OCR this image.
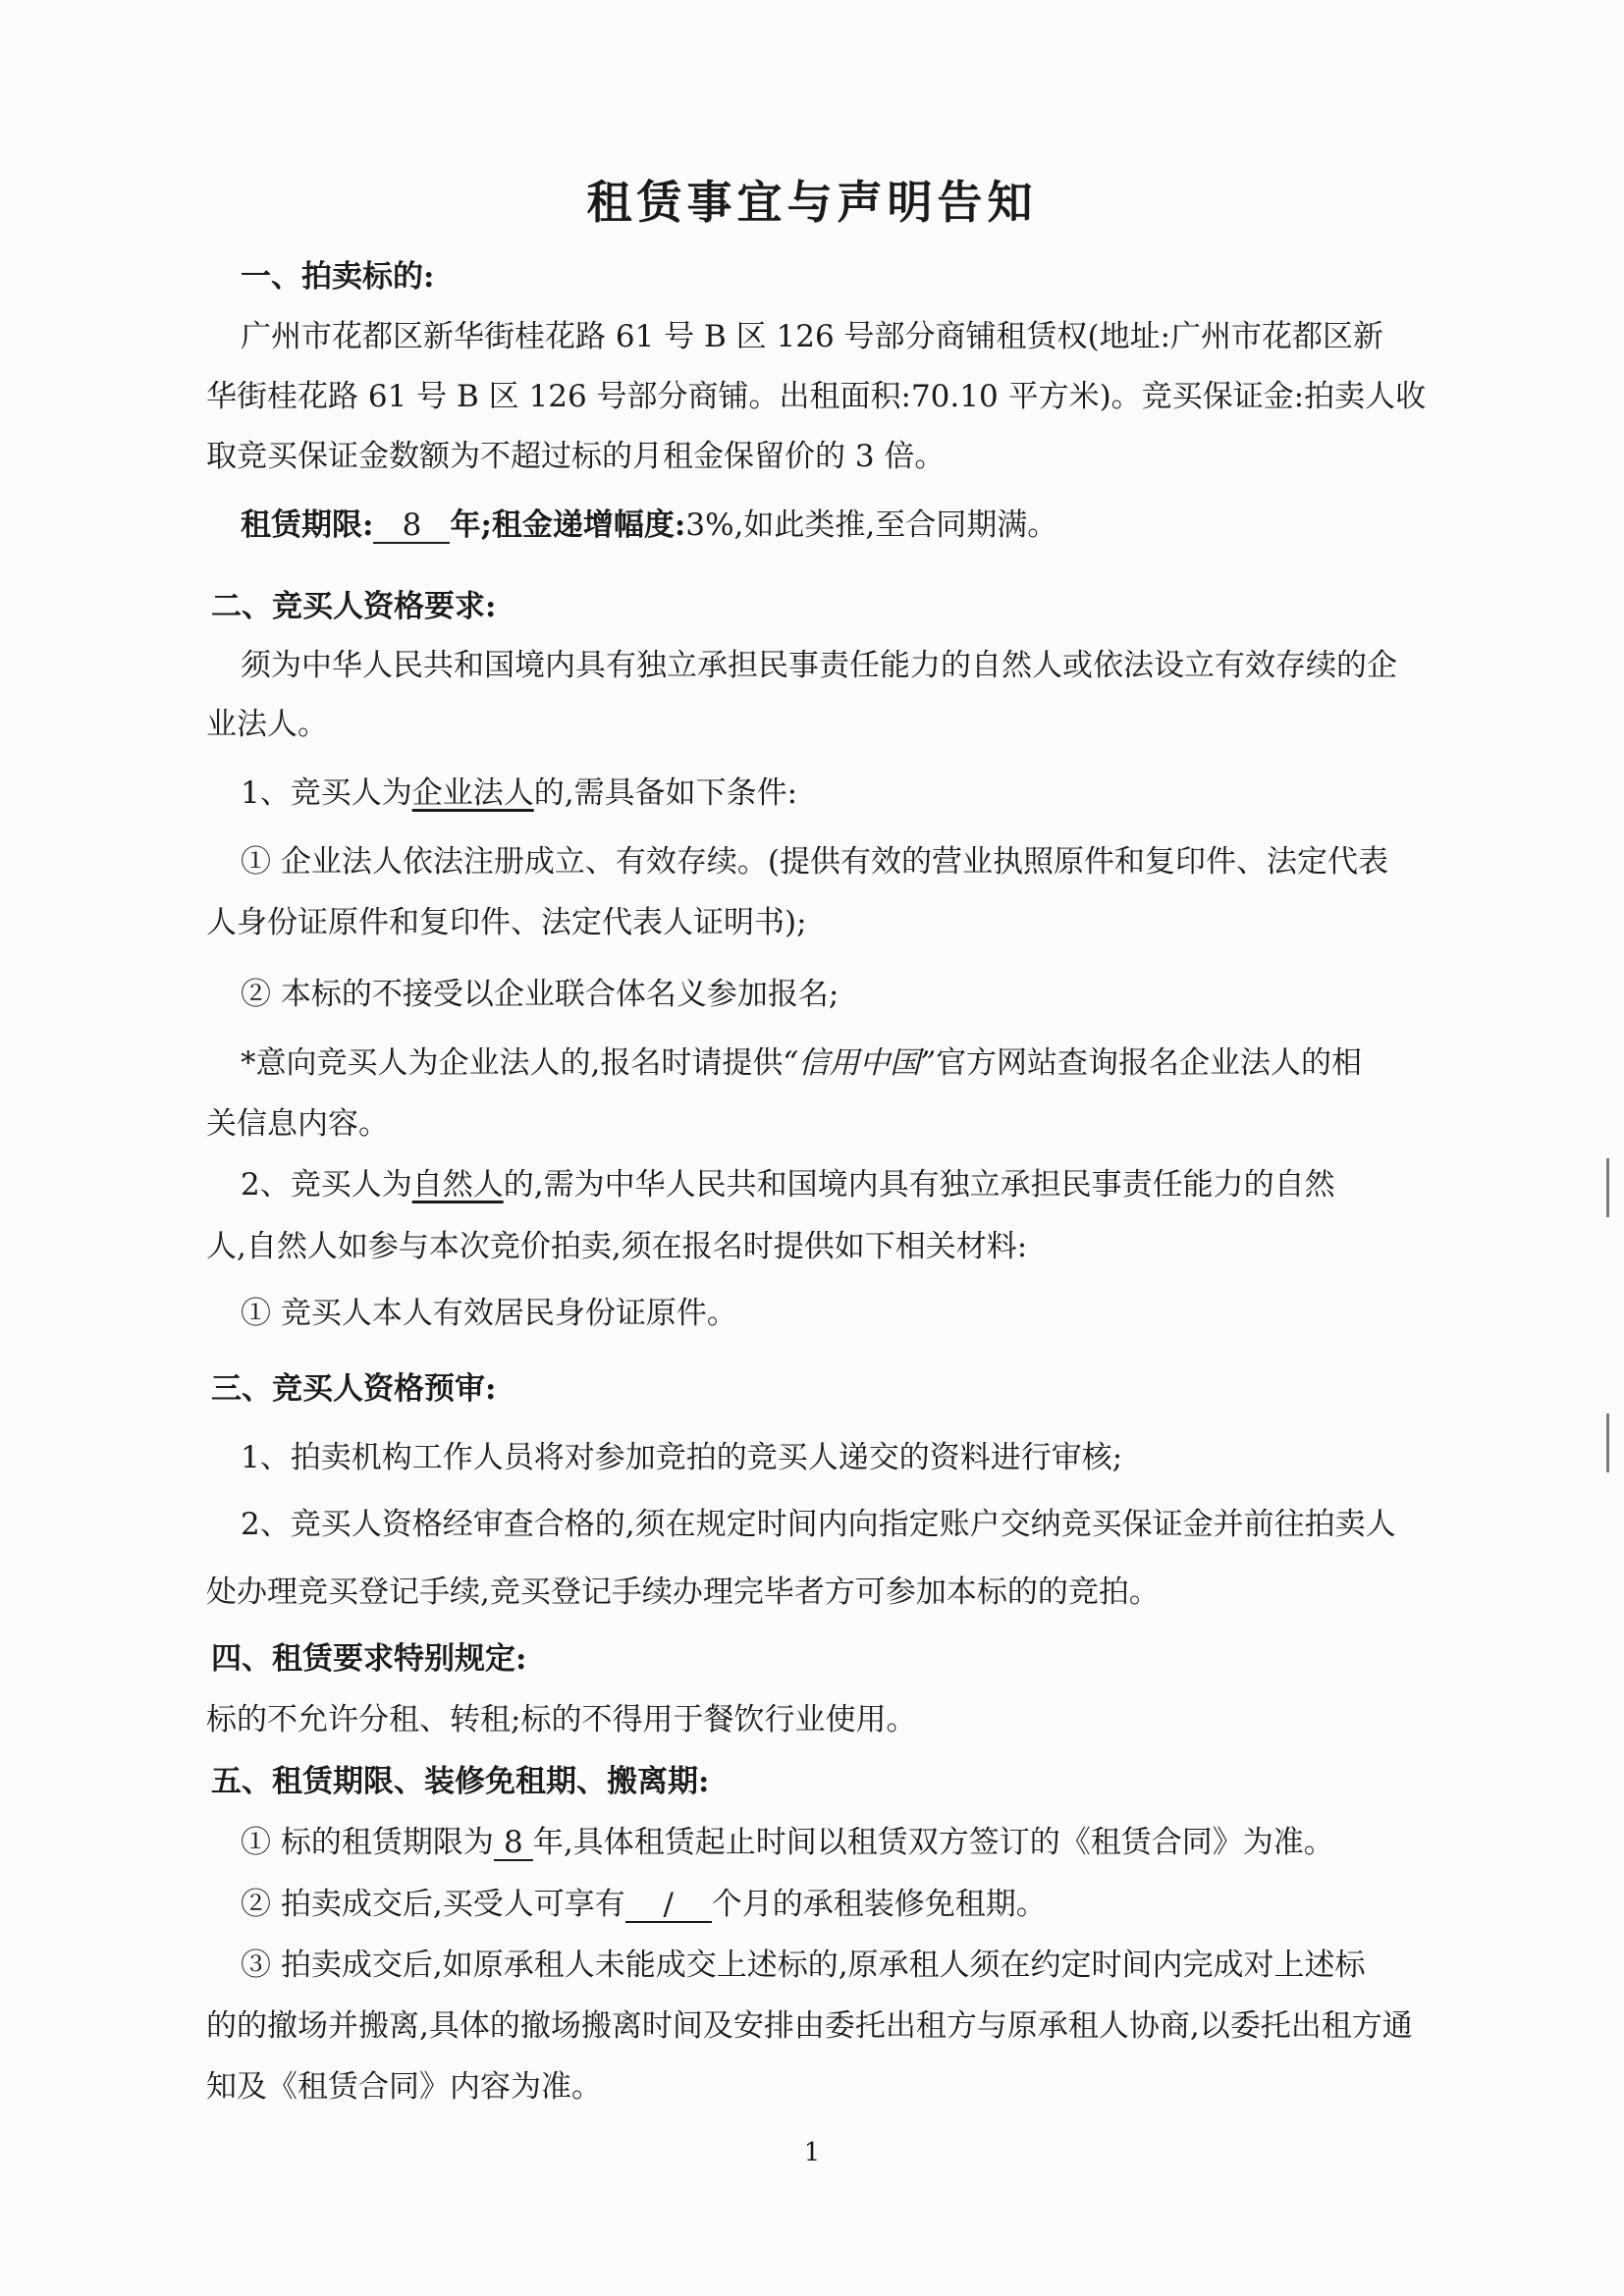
租赁事宜与声明告知
一、拍卖标的:
广州市花都区新华街桂花路 61 号 B 区 126 号部分商铺租赁权(地址:广州市花都区新
华街桂花路 61 号 B 区 126 号部分商铺。出租面积:70.10 平方米)。竞买保证金:拍卖人收
取竞买保证金数额为不超过标的月租金保留价的 3 倍。
租赁期限: 8 年;租金递增幅度:3%,如此类推,至合同期满。
二、竞买人资格要求:
须为中华人民共和国境内具有独立承担民事责任能力的自然人或依法设立有效存续的企
业法人。
1、竞买人为企业法人的,需具备如下条件:
① 企业法人依法注册成立、有效存续。(提供有效的营业执照原件和复印件、法定代表
人身份证原件和复印件、法定代表人证明书);
② 本标的不接受以企业联合体名义参加报名;
*意向竞买人为企业法人的,报名时请提供“信用中国”官方网站查询报名企业法人的相
关信息内容。
2、竞买人为自然人的,需为中华人民共和国境内具有独立承担民事责任能力的自然
人,自然人如参与本次竞价拍卖,须在报名时提供如下相关材料:
① 竞买人本人有效居民身份证原件。
三、竞买人资格预审:
1、拍卖机构工作人员将对参加竞拍的竞买人递交的资料进行审核;
2、竞买人资格经审查合格的,须在规定时间内向指定账户交纳竞买保证金并前往拍卖人
处办理竞买登记手续,竞买登记手续办理完毕者方可参加本标的的竞拍。
四、租赁要求特别规定:
标的不允许分租、转租;标的不得用于餐饮行业使用。
五、租赁期限、装修免租期、搬离期:
① 标的租赁期限为 8 年,具体租赁起止时间以租赁双方签订的《租赁合同》为准。
② 拍卖成交后,买受人可享有 / 个月的承租装修免租期。
③ 拍卖成交后,如原承租人未能成交上述标的,原承租人须在约定时间内完成对上述标
的的撤场并搬离,具体的撤场搬离时间及安排由委托出租方与原承租人协商,以委托出租方通
知及《租赁合同》内容为准。
1
